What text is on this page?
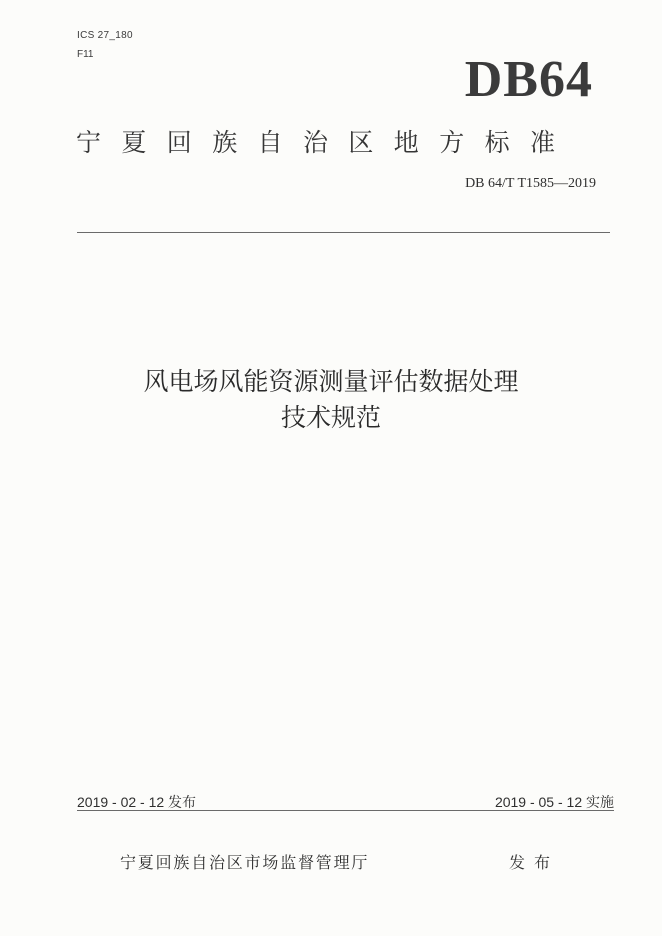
ICS 27_180
F11	DB64
宁夏回族自治区地方标准
DB 64/T T1585—2019
风电场风能资源测量评估数据处理
技术规范
2019 - 02 - 12 发布	2019 - 05 - 12 实施
宁夏回族自治区市场监督管理厅	发布
